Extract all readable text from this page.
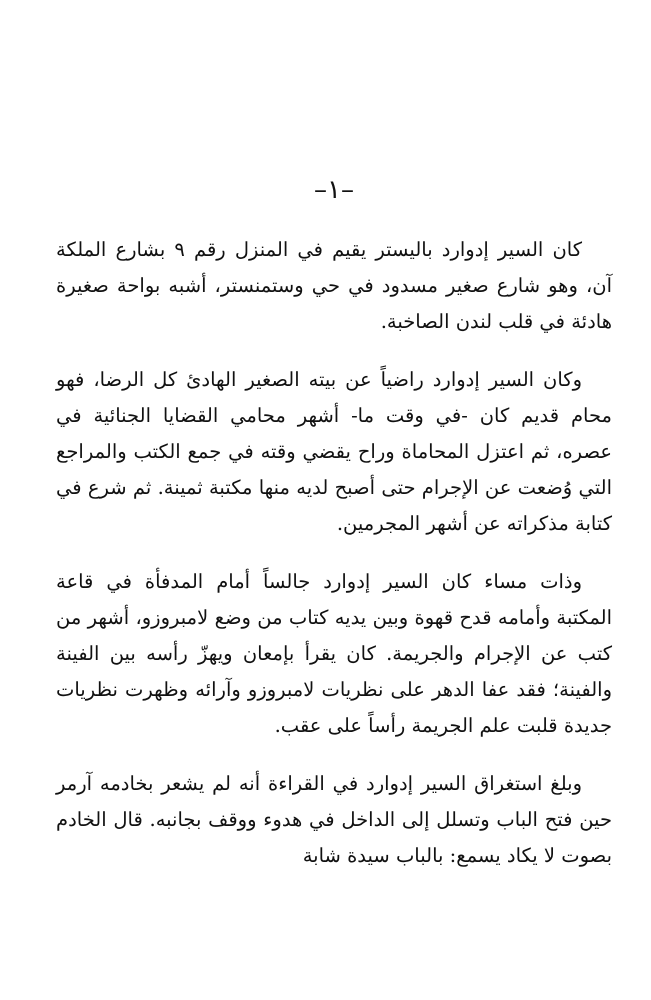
–١–

كان السير إدوارد باليستر يقيم في المنزل رقم ٩ بشارع الملكة آن، وهو شارع صغير مسدود في حي وستمنستر، أشبه بواحة صغيرة هادئة في قلب لندن الصاخبة.

وكان السير إدوارد راضياً عن بيته الصغير الهادئ كل الرضا، فهو محام قديم كان -في وقت ما- أشهر محامي القضايا الجنائية في عصره، ثم اعتزل المحاماة وراح يقضي وقته في جمع الكتب والمراجع التي وُضعت عن الإجرام حتى أصبح لديه منها مكتبة ثمينة. ثم شرع في كتابة مذكراته عن أشهر المجرمين.

وذات مساء كان السير إدوارد جالساً أمام المدفأة في قاعة المكتبة وأمامه قدح قهوة وبين يديه كتاب من وضع لامبروزو، أشهر من كتب عن الإجرام والجريمة. كان يقرأ بإمعان ويهزّ رأسه بين الفينة والفينة؛ فقد عفا الدهر على نظريات لامبروزو وآرائه وظهرت نظريات جديدة قلبت علم الجريمة رأساً على عقب.

وبلغ استغراق السير إدوارد في القراءة أنه لم يشعر بخادمه آرمر حين فتح الباب وتسلل إلى الداخل في هدوء ووقف بجانبه. قال الخادم بصوت لا يكاد يسمع: بالباب سيدة شابة
